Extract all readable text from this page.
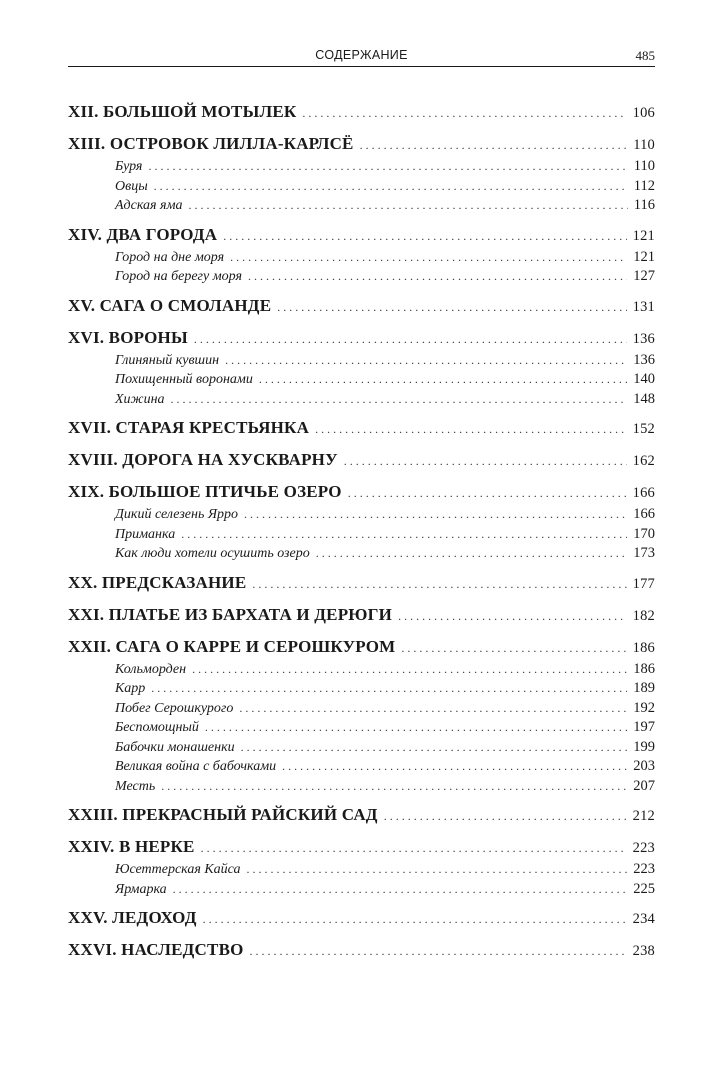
СОДЕРЖАНИЕ	485
XII. БОЛЬШОЙ МОТЫЛЕК . . .	106
XIII. ОСТРОВОК ЛИЛЛА-КАРЛСЁ . . .	110
Буря . . .	110
Овцы . . .	112
Адская яма . . .	116
XIV. ДВА ГОРОДА . . .	121
Город на дне моря . . .	121
Город на берегу моря . . .	127
XV. САГА О СМОЛАНДЕ . . .	131
XVI. ВОРОНЫ . . .	136
Глиняный кувшин . . .	136
Похищенный воронами . . .	140
Хижина . . .	148
XVII. СТАРАЯ КРЕСТЬЯНКА . . .	152
XVIII. ДОРОГА НА ХУСКВАРНУ . . .	162
XIX. БОЛЬШОЕ ПТИЧЬЕ ОЗЕРО . . .	166
Дикий селезень Ярро . . .	166
Приманка . . .	170
Как люди хотели осушить озеро . . .	173
XX. ПРЕДСКАЗАНИЕ . . .	177
XXI. ПЛАТЬЕ ИЗ БАРХАТА И ДЕРЮГИ . . .	182
XXII. САГА О КАРРЕ И СЕРОШКУРОМ . . .	186
Кольморден . . .	186
Карр . . .	189
Побег Серошкурого . . .	192
Беспомощный . . .	197
Бабочки монашенки . . .	199
Великая война с бабочками . . .	203
Месть . . .	207
XXIII. ПРЕКРАСНЫЙ РАЙСКИЙ САД . . .	212
XXIV. В НЕРКЕ . . .	223
Юсеттерская Кайса . . .	223
Ярмарка . . .	225
XXV. ЛЕДОХОД . . .	234
XXVI. НАСЛЕДСТВО . . .	238
